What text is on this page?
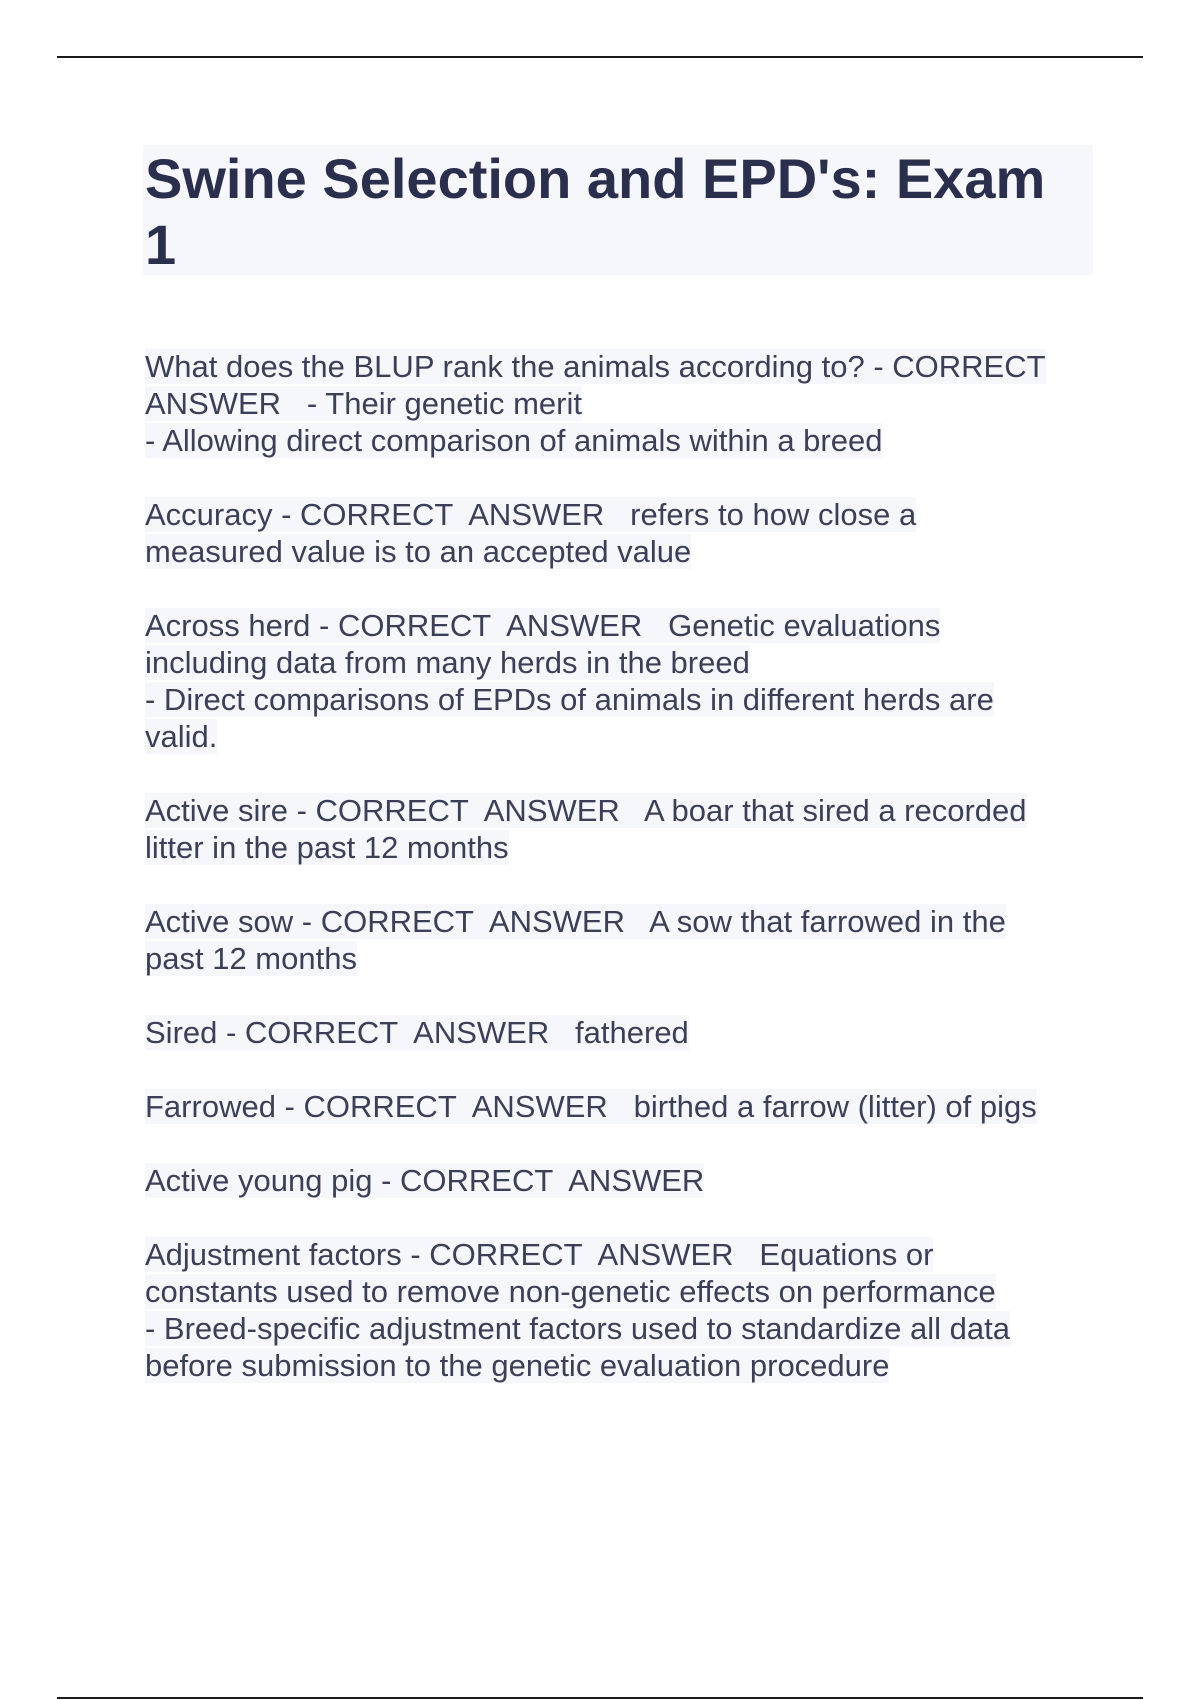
Swine Selection and EPD's: Exam 1
What does the BLUP rank the animals according to? - CORRECT
ANSWER   - Their genetic merit
- Allowing direct comparison of animals within a breed
Accuracy - CORRECT  ANSWER   refers to how close a
measured value is to an accepted value
Across herd - CORRECT  ANSWER   Genetic evaluations
including data from many herds in the breed
- Direct comparisons of EPDs of animals in different herds are
valid.
Active sire - CORRECT  ANSWER   A boar that sired a recorded
litter in the past 12 months
Active sow - CORRECT  ANSWER   A sow that farrowed in the
past 12 months
Sired - CORRECT  ANSWER   fathered
Farrowed - CORRECT  ANSWER   birthed a farrow (litter) of pigs
Active young pig - CORRECT  ANSWER
Adjustment factors - CORRECT  ANSWER   Equations or
constants used to remove non-genetic effects on performance
- Breed-specific adjustment factors used to standardize all data
before submission to the genetic evaluation procedure
